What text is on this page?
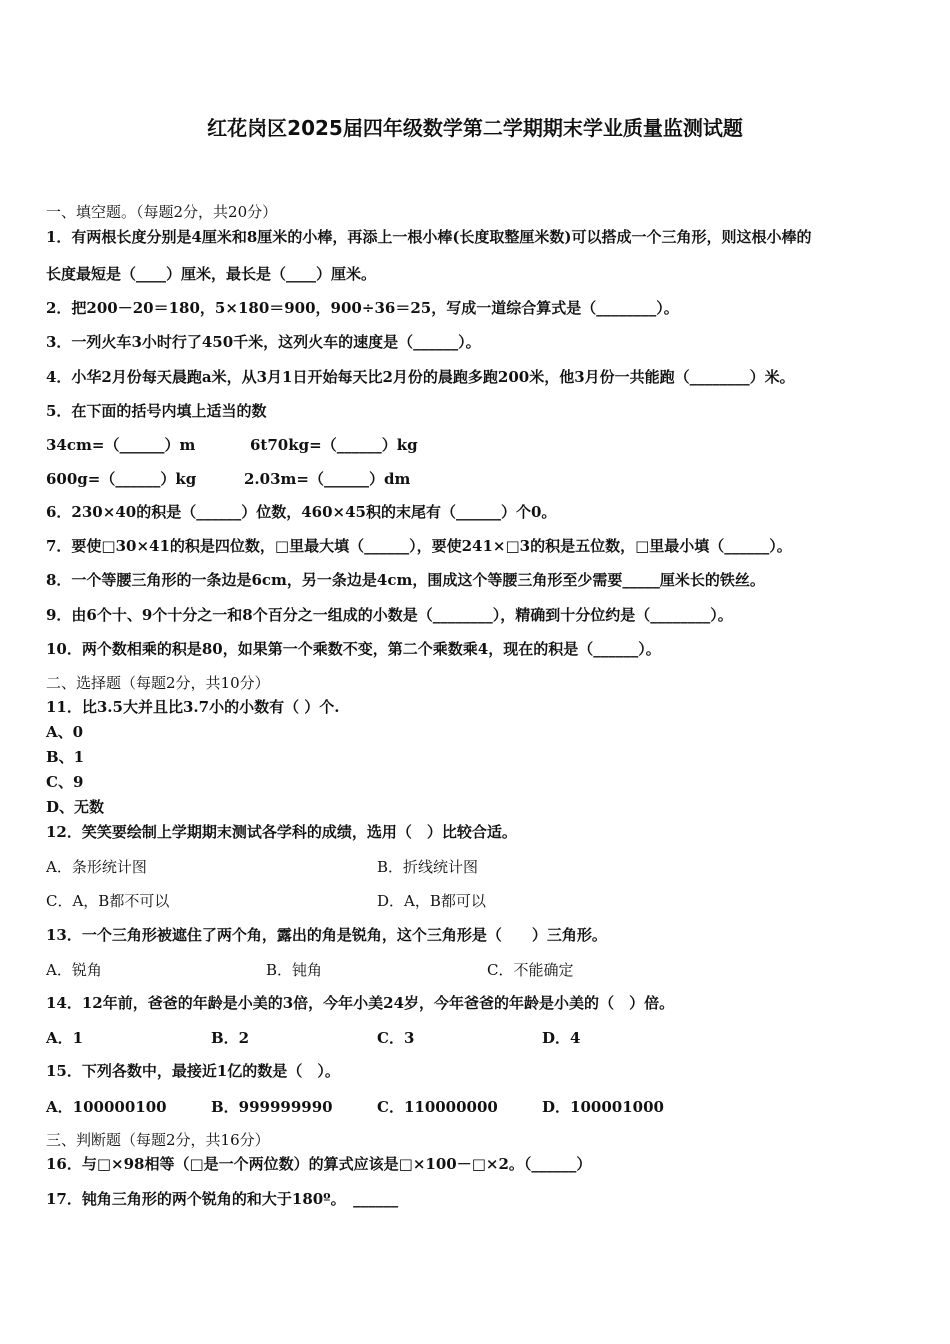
红花岗区2025届四年级数学第二学期期末学业质量监测试题
一、填空题。（每题2分，共20分）
1．有两根长度分别是4厘米和8厘米的小棒，再添上一根小棒(长度取整厘米数)可以搭成一个三角形，则这根小棒的
长度最短是（____）厘米，最长是（____）厘米。
2．把200－20＝180，5×180＝900，900÷36＝25，写成一道综合算式是（________）。
3．一列火车3小时行了450千米，这列火车的速度是（______）。
4．小华2月份每天晨跑a米，从3月1日开始每天比2月份的晨跑多跑200米，他3月份一共能跑（________）米。
5．在下面的括号内填上适当的数
34cm=（______）m	6t70kg=（______）kg
600g=（______）kg	2.03m=（______）dm
6．230×40的积是（______）位数，460×45积的末尾有（______）个0。
7．要使□30×41的积是四位数，□里最大填（______），要使241×□3的积是五位数，□里最小填（______）。
8．一个等腰三角形的一条边是6cm，另一条边是4cm，围成这个等腰三角形至少需要_____厘米长的铁丝。
9．由6个十、9个十分之一和8个百分之一组成的小数是（________），精确到十分位约是（________）。
10．两个数相乘的积是80，如果第一个乘数不变，第二个乘数乘4，现在的积是（______）。
二、选择题（每题2分，共10分）
11．比3.5大并且比3.7小的小数有（ ）个.
A、0
B、1
C、9
D、无数
12．笑笑要绘制上学期期末测试各学科的成绩，选用（　）比较合适。
A．条形统计图	B．折线统计图
C．A，B都不可以	D．A，B都可以
13．一个三角形被遮住了两个角，露出的角是锐角，这个三角形是（　　）三角形。
A．锐角	B．钝角	C．不能确定
14．12年前，爸爸的年龄是小美的3倍，今年小美24岁，今年爸爸的年龄是小美的（　）倍。
A．1	B．2	C．3	D．4
15．下列各数中，最接近1亿的数是（　）。
A．100000100	B．999999990	C．110000000	D．100001000
三、判断题（每题2分，共16分）
16．与□×98相等（□是一个两位数）的算式应该是□×100－□×2。（______）
17．钝角三角形的两个锐角的和大于180º。　______
